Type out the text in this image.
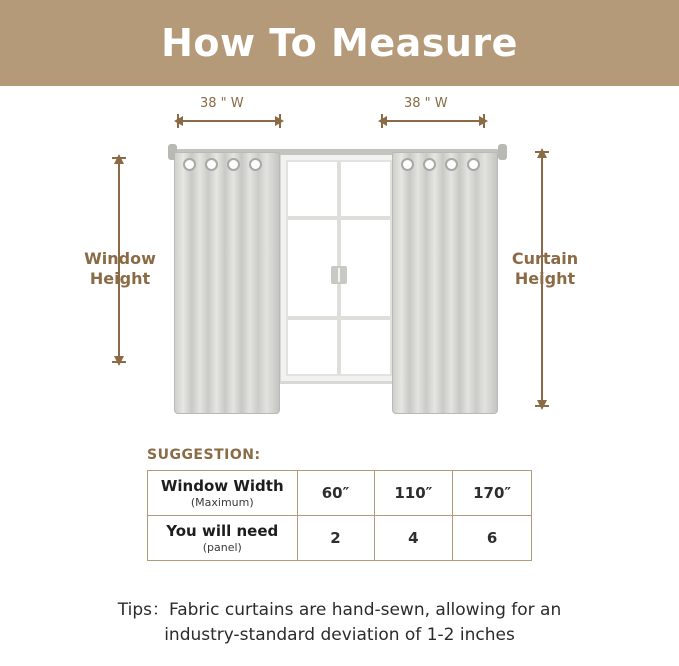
How To Measure
38 " W	38 " W
Window
Height
Curtain
Height
SUGGESTION:
Window Width
(Maximum)	60″	110″	170″

You will need
(panel)	2	4	6
Tips：Fabric curtains are hand-sewn, allowing for an
industry-standard deviation of 1-2 inches
